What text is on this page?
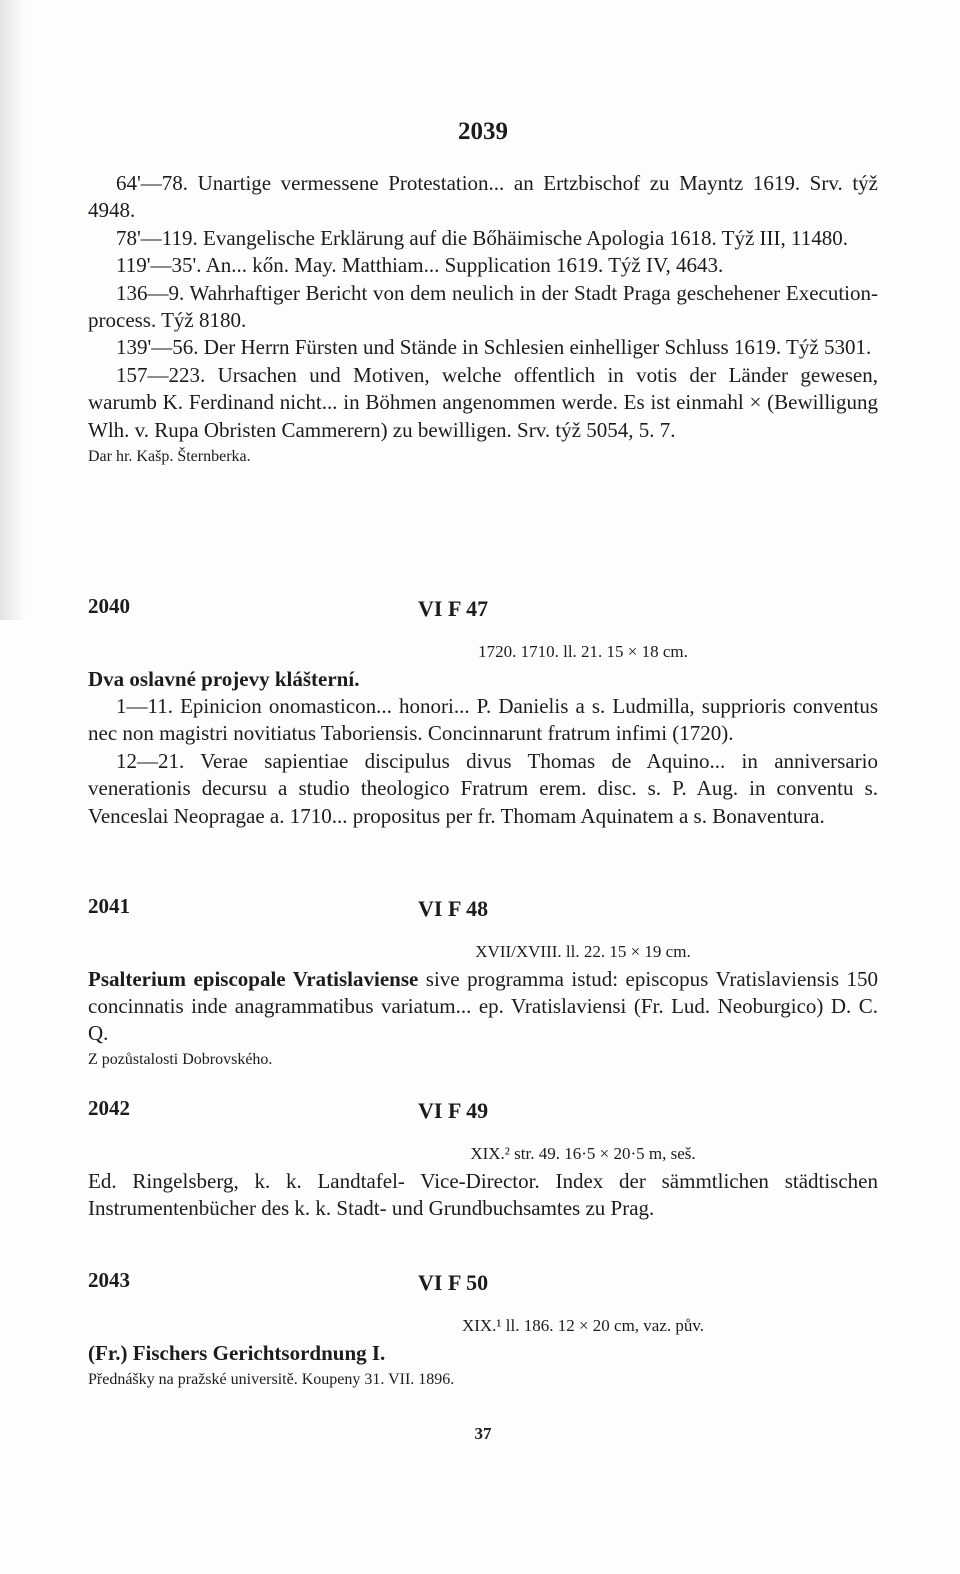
2039

64'—78. Unartige vermessene Protestation... an Ertzbischof zu Mayntz 1619. Srv. týž 4948.

78'—119. Evangelische Erklärung auf die Bőhäimische Apologia 1618. Týž III, 11480.

119'—35'. An... kőn. May. Matthiam... Supplication 1619. Týž IV, 4643.

136—9. Wahrhaftiger Bericht von dem neulich in der Stadt Praga geschehener Execution-process. Týž 8180.

139'—56. Der Herrn Fürsten und Stände in Schlesien einhelliger Schluss 1619. Týž 5301.

157—223. Ursachen und Motiven, welche offentlich in votis der Länder gewesen, warumb K. Ferdinand nicht... in Böhmen angenommen werde. Es ist einmahl × (Bewilligung Wlh. v. Rupa Obristen Cammerern) zu bewilligen. Srv. týž 5054, 5. 7.

Dar hr. Kašp. Šternberka.

2040	VI F 47
1720. 1710. ll. 21. 15 × 18 cm.

Dva oslavné projevy klášterní.

1—11. Epinicion onomasticon... honori... P. Danielis a s. Ludmilla, supprioris conventus nec non magistri novitiatus Taboriensis. Concinnarunt fratrum infimi (1720).

12—21. Verae sapientiae discipulus divus Thomas de Aquino... in anniversario venerationis decursu a studio theologico Fratrum erem. disc. s. P. Aug. in conventu s. Venceslai Neopragae a. 1710... propositus per fr. Thomam Aquinatem a s. Bonaventura.

2041	VI F 48
XVII/XVIII. ll. 22. 15 × 19 cm.

Psalterium episcopale Vratislaviense sive programma istud: episcopus Vratislaviensis 150 concinnatis inde anagrammatibus variatum... ep. Vratislaviensi (Fr. Lud. Neoburgico) D. C. Q.

Z pozůstalosti Dobrovského.

2042	VI F 49
XIX.² str. 49. 16·5 × 20·5 m, seš.

Ed. Ringelsberg, k. k. Landtafel- Vice-Director. Index der sämmtlichen städtischen Instrumentenbücher des k. k. Stadt- und Grundbuchsamtes zu Prag.

2043	VI F 50
XIX.¹ ll. 186. 12 × 20 cm, vaz. pův.

(Fr.) Fischers Gerichtsordnung I.

Přednášky na pražské universitě. Koupeny 31. VII. 1896.

37
